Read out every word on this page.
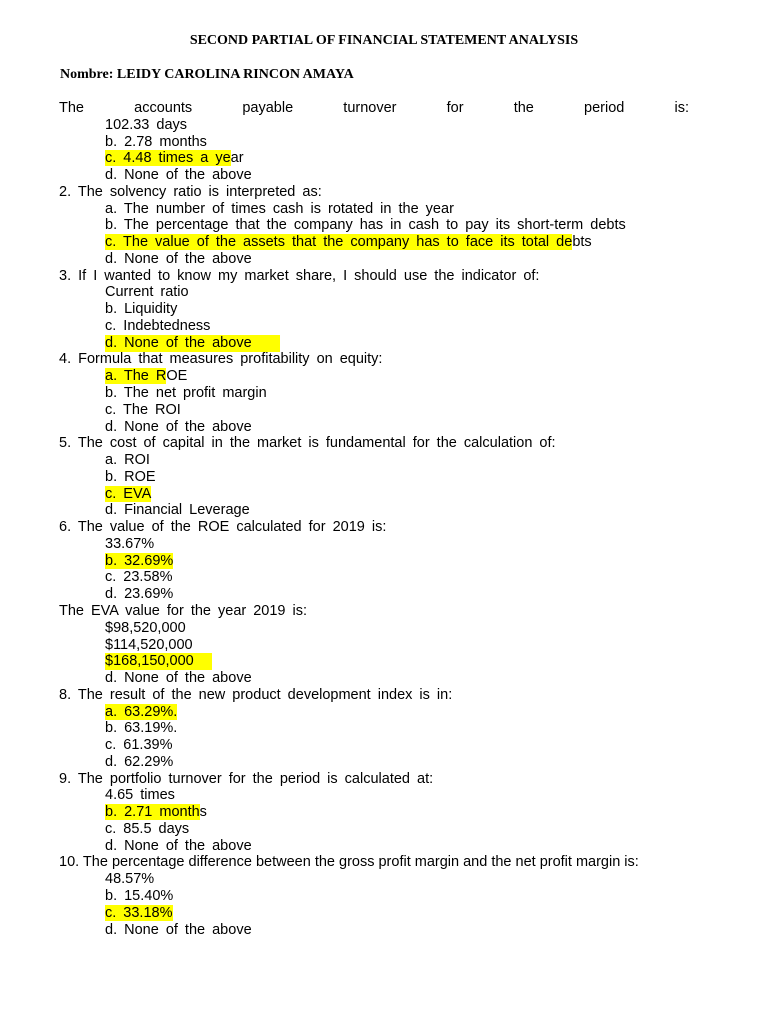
SECOND PARTIAL OF FINANCIAL STATEMENT ANALYSIS
Nombre: LEIDY CAROLINA RINCON AMAYA
The accounts payable turnover for the period is:
102.33 days
b. 2.78 months
c. 4.48 times a year
d. None of the above
2. The solvency ratio is interpreted as:
a. The number of times cash is rotated in the year
b. The percentage that the company has in cash to pay its short-term debts
c. The value of the assets that the company has to face its total debts
d. None of the above
3. If I wanted to know my market share, I should use the indicator of:
Current ratio
b. Liquidity
c. Indebtedness
d. None of the above
4. Formula that measures profitability on equity:
a. The ROE
b. The net profit margin
c. The ROI
d. None of the above
5. The cost of capital in the market is fundamental for the calculation of:
a. ROI
b. ROE
c. EVA
d. Financial Leverage
6. The value of the ROE calculated for 2019 is:
33.67%
b. 32.69%
c. 23.58%
d. 23.69%
The EVA value for the year 2019 is:
$98,520,000
$114,520,000
$168,150,000
d. None of the above
8. The result of the new product development index is in:
a. 63.29%.
b. 63.19%.
c. 61.39%
d. 62.29%
9. The portfolio turnover for the period is calculated at:
4.65 times
b. 2.71 months
c. 85.5 days
d. None of the above
10. The percentage difference between the gross profit margin and the net profit margin is:
48.57%
b. 15.40%
c. 33.18%
d. None of the above
